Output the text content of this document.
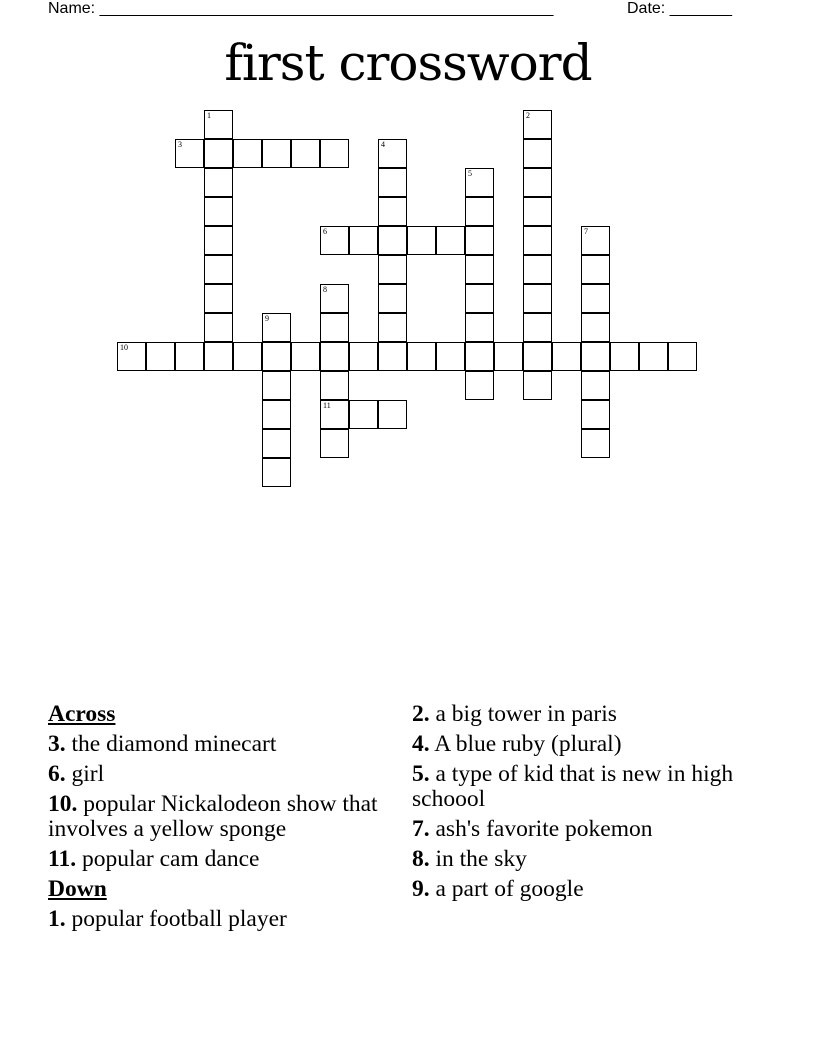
Name: ___________________________________________________	Date: _______
first crossword
1	2
3	4
5
6	7
8
9
10
11
Across
3. the diamond minecart
6. girl
10. popular Nickalodeon show that involves a yellow sponge
11. popular cam dance
Down
1. popular football player
2. a big tower in paris
4. A blue ruby (plural)
5. a type of kid that is new in high schoool
7. ash's favorite pokemon
8. in the sky
9. a part of google
